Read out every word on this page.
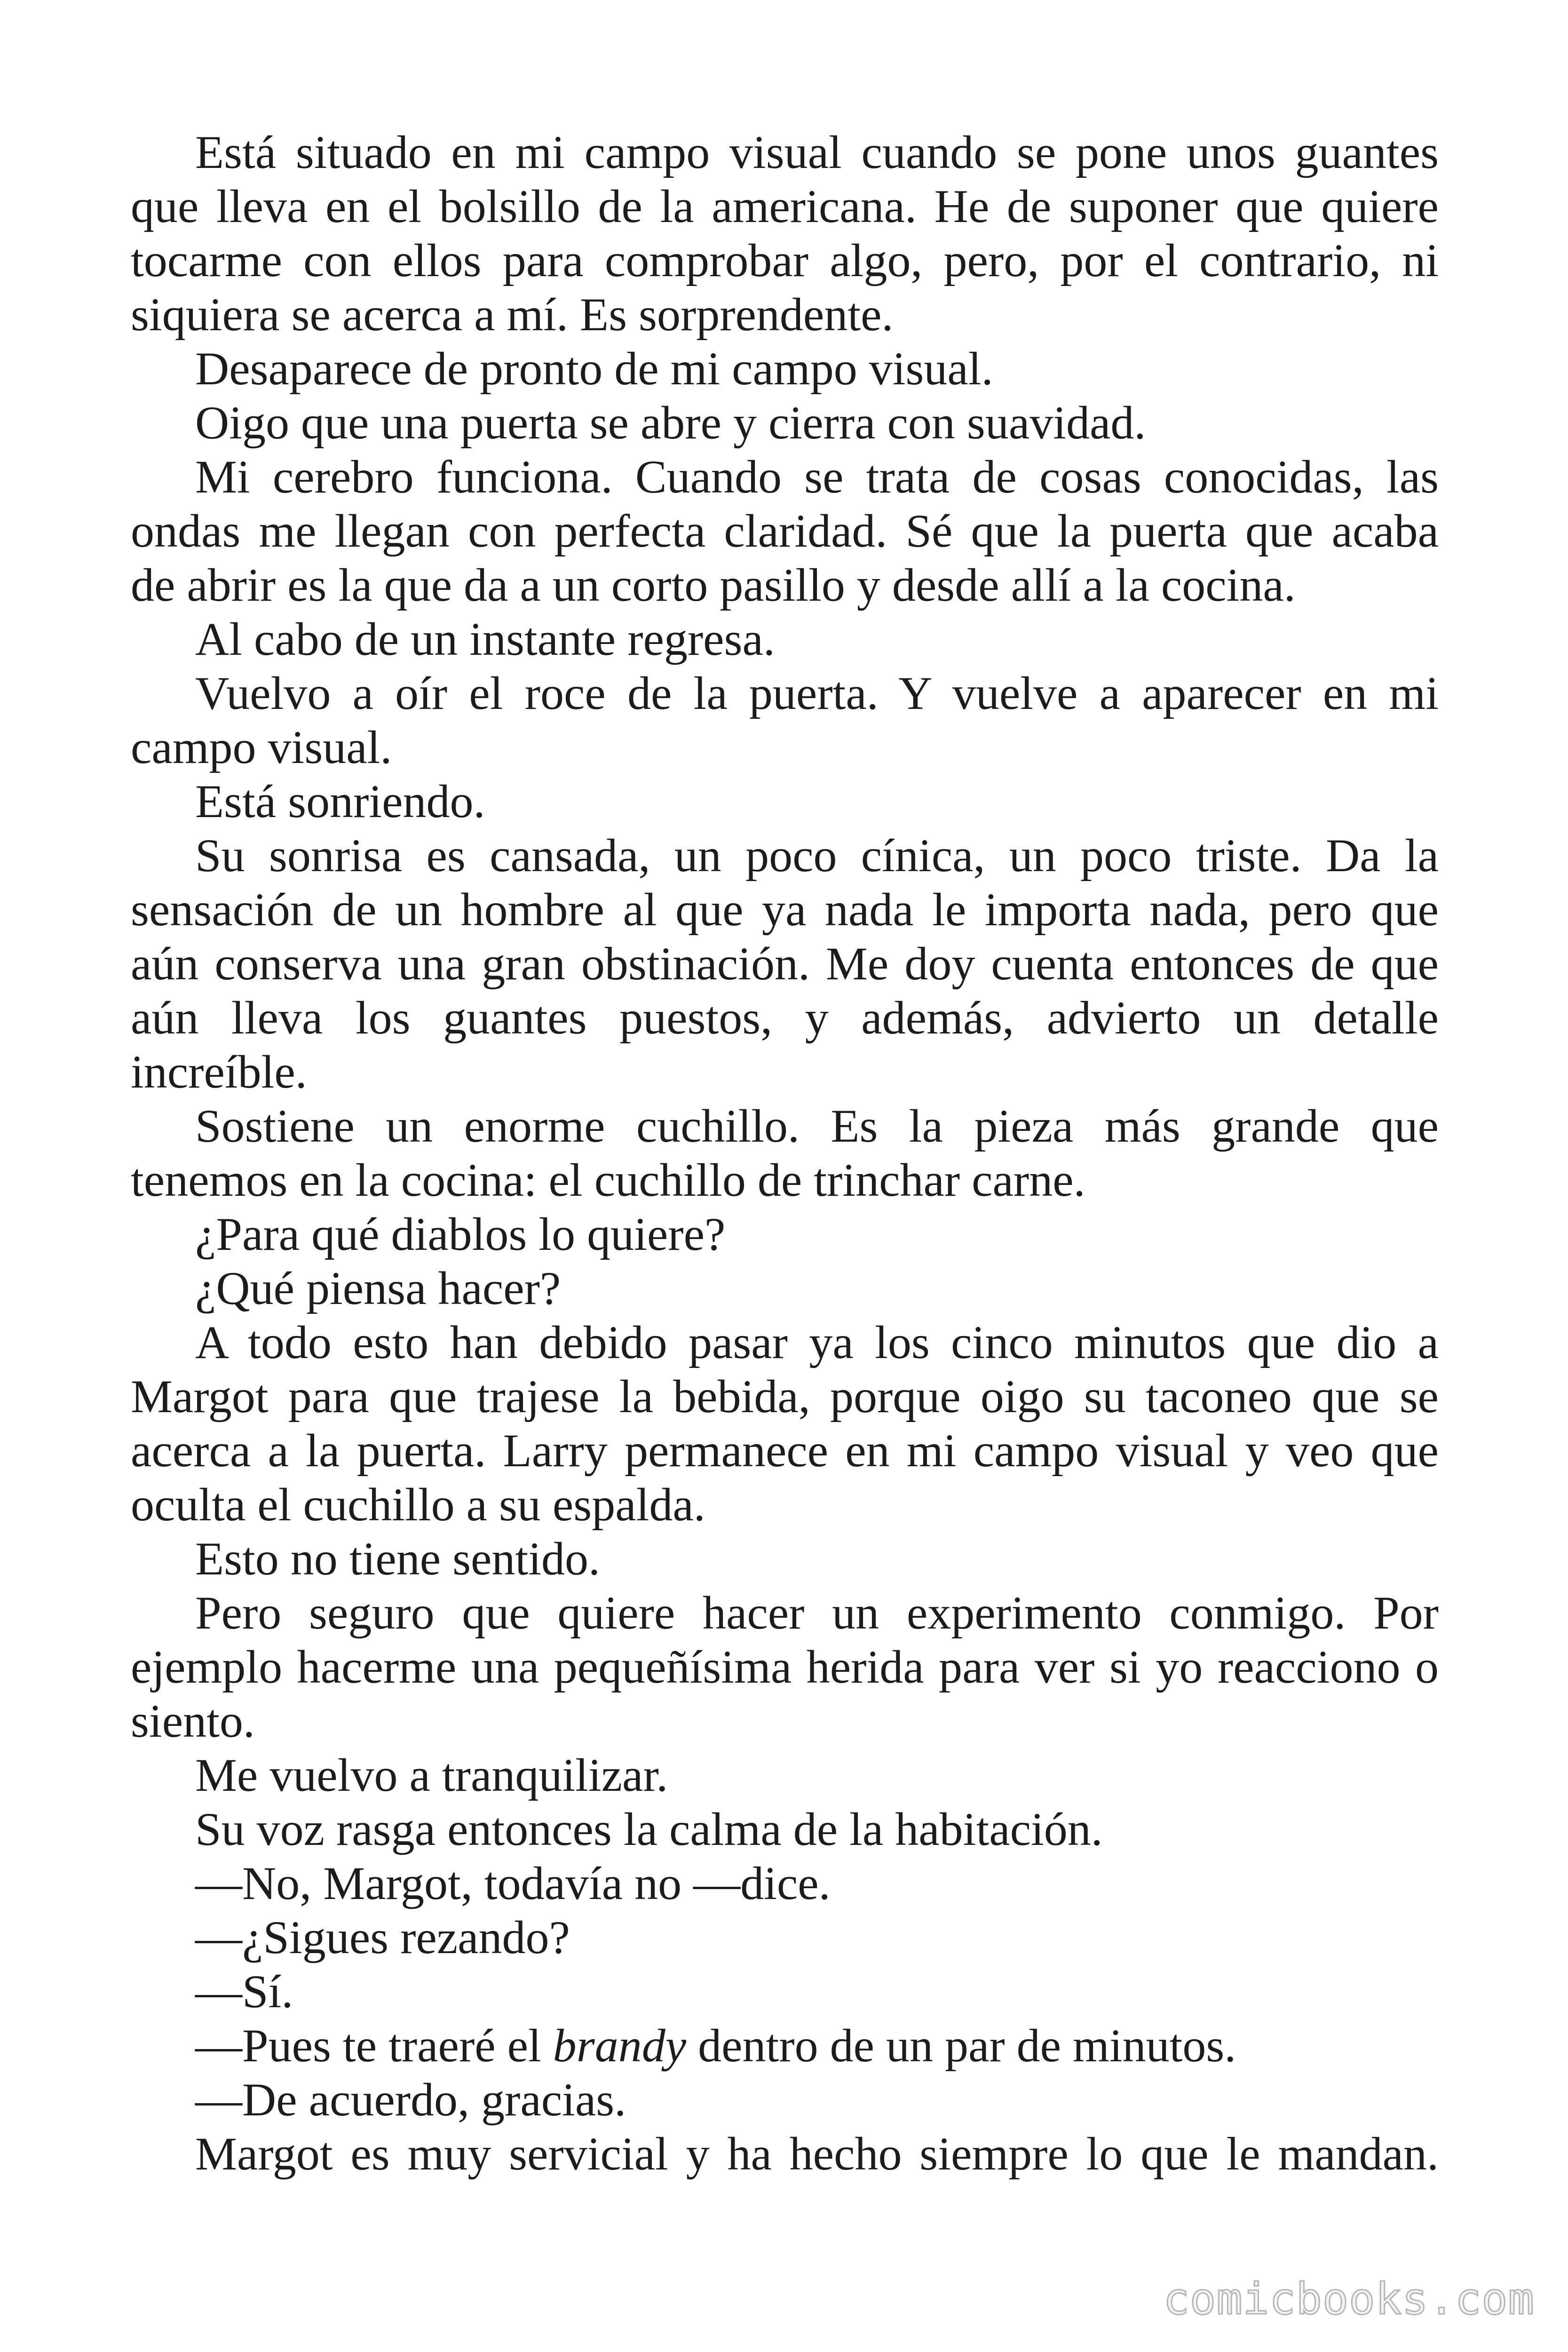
Está situado en mi campo visual cuando se pone unos guantes
que lleva en el bolsillo de la americana. He de suponer que quiere
tocarme con ellos para comprobar algo, pero, por el contrario, ni
siquiera se acerca a mí. Es sorprendente.
Desaparece de pronto de mi campo visual.
Oigo que una puerta se abre y cierra con suavidad.
Mi cerebro funciona. Cuando se trata de cosas conocidas, las
ondas me llegan con perfecta claridad. Sé que la puerta que acaba
de abrir es la que da a un corto pasillo y desde allí a la cocina.
Al cabo de un instante regresa.
Vuelvo a oír el roce de la puerta. Y vuelve a aparecer en mi
campo visual.
Está sonriendo.
Su sonrisa es cansada, un poco cínica, un poco triste. Da la
sensación de un hombre al que ya nada le importa nada, pero que
aún conserva una gran obstinación. Me doy cuenta entonces de que
aún lleva los guantes puestos, y además, advierto un detalle
increíble.
Sostiene un enorme cuchillo. Es la pieza más grande que
tenemos en la cocina: el cuchillo de trinchar carne.
¿Para qué diablos lo quiere?
¿Qué piensa hacer?
A todo esto han debido pasar ya los cinco minutos que dio a
Margot para que trajese la bebida, porque oigo su taconeo que se
acerca a la puerta. Larry permanece en mi campo visual y veo que
oculta el cuchillo a su espalda.
Esto no tiene sentido.
Pero seguro que quiere hacer un experimento conmigo. Por
ejemplo hacerme una pequeñísima herida para ver si yo reacciono o
siento.
Me vuelvo a tranquilizar.
Su voz rasga entonces la calma de la habitación.
—No, Margot, todavía no —dice.
—¿Sigues rezando?
—Sí.
—Pues te traeré el brandy dentro de un par de minutos.
—De acuerdo, gracias.
Margot es muy servicial y ha hecho siempre lo que le mandan.
comicbooks.com
